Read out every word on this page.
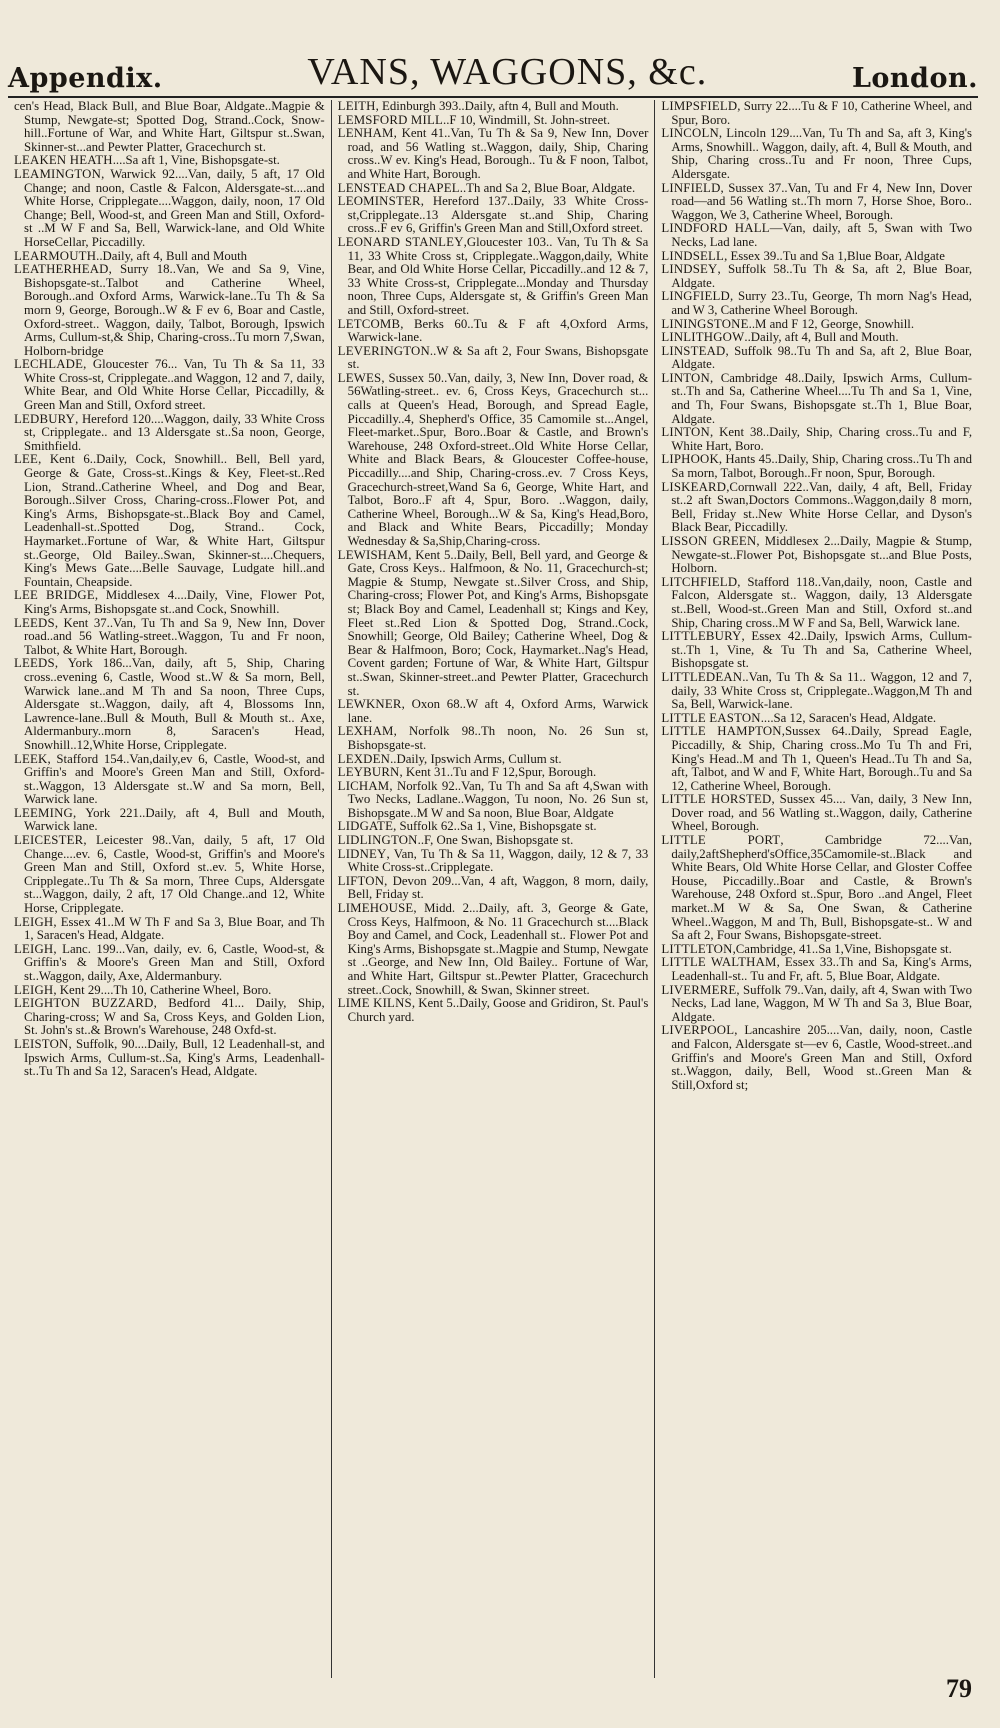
Appendix.	VANS, WAGGONS, &c.	London.

cen's Head, Black Bull, and Blue Boar, Aldgate..Magpie & Stump, Newgate-st; Spotted Dog, Strand..Cock, Snow-hill..Fortune of War, and White Hart, Giltspur st..Swan, Skinner-st...and Pewter Platter, Gracechurch st.

LEAKEN HEATH....Sa aft 1, Vine, Bishopsgate-st.

LEAMINGTON, Warwick 92....Van, daily, 5 aft, 17 Old Change; and noon, Castle & Falcon, Aldersgate-st....and White Horse, Cripplegate....Waggon, daily, noon, 17 Old Change; Bell, Wood-st, and Green Man and Still, Oxford-st ..M W F and Sa, Bell, Warwick-lane, and Old White HorseCellar, Piccadilly.

LEARMOUTH..Daily, aft 4, Bull and Mouth

LEATHERHEAD, Surry 18..Van, We and Sa 9, Vine, Bishopsgate-st..Talbot and Catherine Wheel, Borough..and Oxford Arms, Warwick-lane..Tu Th & Sa morn 9, George, Borough..W & F ev 6, Boar and Castle, Oxford-street.. Waggon, daily, Talbot, Borough, Ipswich Arms, Cullum-st,& Ship, Charing-cross..Tu morn 7,Swan, Holborn-bridge

LECHLADE, Gloucester 76... Van, Tu Th & Sa 11, 33 White Cross-st, Cripplegate..and Waggon, 12 and 7, daily, White Bear, and Old White Horse Cellar, Piccadilly, & Green Man and Still, Oxford street.

LEDBURY, Hereford 120....Waggon, daily, 33 White Cross st, Cripplegate.. and 13 Aldersgate st..Sa noon, George, Smithfield.

LEE, Kent 6..Daily, Cock, Snowhill.. Bell, Bell yard, George & Gate, Cross-st..Kings & Key, Fleet-st..Red Lion, Strand..Catherine Wheel, and Dog and Bear, Borough..Silver Cross, Charing-cross..Flower Pot, and King's Arms, Bishopsgate-st..Black Boy and Camel, Leadenhall-st..Spotted Dog, Strand.. Cock, Haymarket..Fortune of War, & White Hart, Giltspur st..George, Old Bailey..Swan, Skinner-st....Chequers, King's Mews Gate....Belle Sauvage, Ludgate hill..and Fountain, Cheapside.

LEE BRIDGE, Middlesex 4....Daily, Vine, Flower Pot, King's Arms, Bishopsgate st..and Cock, Snowhill.

LEEDS, Kent 37..Van, Tu Th and Sa 9, New Inn, Dover road..and 56 Watling-street..Waggon, Tu and Fr noon, Talbot, & White Hart, Borough.

LEEDS, York 186...Van, daily, aft 5, Ship, Charing cross..evening 6, Castle, Wood st..W & Sa morn, Bell, Warwick lane..and M Th and Sa noon, Three Cups, Aldersgate st..Waggon, daily, aft 4, Blossoms Inn, Lawrence-lane..Bull & Mouth, Bull & Mouth st.. Axe, Aldermanbury..morn 8, Saracen's Head, Snowhill..12,White Horse, Cripplegate.

LEEK, Stafford 154..Van,daily,ev 6, Castle, Wood-st, and Griffin's and Moore's Green Man and Still, Oxford-st..Waggon, 13 Aldersgate st..W and Sa morn, Bell, Warwick lane.

LEEMING, York 221..Daily, aft 4, Bull and Mouth, Warwick lane.

LEICESTER, Leicester 98..Van, daily, 5 aft, 17 Old Change....ev. 6, Castle, Wood-st, Griffin's and Moore's Green Man and Still, Oxford st..ev. 5, White Horse, Cripplegate..Tu Th & Sa morn, Three Cups, Aldersgate st...Waggon, daily, 2 aft, 17 Old Change..and 12, White Horse, Cripplegate.

LEIGH, Essex 41..M W Th F and Sa 3, Blue Boar, and Th 1, Saracen's Head, Aldgate.

LEIGH, Lanc. 199...Van, daily, ev. 6, Castle, Wood-st, & Griffin's & Moore's Green Man and Still, Oxford st..Waggon, daily, Axe, Aldermanbury.

LEIGH, Kent 29....Th 10, Catherine Wheel, Boro.

LEIGHTON BUZZARD, Bedford 41... Daily, Ship, Charing-cross; W and Sa, Cross Keys, and Golden Lion, St. John's st..& Brown's Warehouse, 248 Oxfd-st.

LEISTON, Suffolk, 90....Daily, Bull, 12 Leadenhall-st, and Ipswich Arms, Cullum-st..Sa, King's Arms, Leadenhall-st..Tu Th and Sa 12, Saracen's Head, Aldgate.

LEITH, Edinburgh 393..Daily, aftn 4, Bull and Mouth.

LEMSFORD MILL..F 10, Windmill, St. John-street.

LENHAM, Kent 41..Van, Tu Th & Sa 9, New Inn, Dover road, and 56 Watling st..Waggon, daily, Ship, Charing cross..W ev. King's Head, Borough.. Tu & F noon, Talbot, and White Hart, Borough.

LENSTEAD CHAPEL..Th and Sa 2, Blue Boar, Aldgate.

LEOMINSTER, Hereford 137..Daily, 33 White Cross-st,Cripplegate..13 Aldersgate st..and Ship, Charing cross..F ev 6, Griffin's Green Man and Still,Oxford street.

LEONARD STANLEY,Gloucester 103.. Van, Tu Th & Sa 11, 33 White Cross st, Cripplegate..Waggon,daily, White Bear, and Old White Horse Cellar, Piccadilly..and 12 & 7, 33 White Cross-st, Cripplegate...Monday and Thursday noon, Three Cups, Aldersgate st, & Griffin's Green Man and Still, Oxford-street.

LETCOMB, Berks 60..Tu & F aft 4,Oxford Arms, Warwick-lane.

LEVERINGTON..W & Sa aft 2, Four Swans, Bishopsgate st.

LEWES, Sussex 50..Van, daily, 3, New Inn, Dover road, & 56Watling-street.. ev. 6, Cross Keys, Gracechurch st... calls at Queen's Head, Borough, and Spread Eagle, Piccadilly..4, Shepherd's Office, 35 Camomile st...Angel, Fleet-market..Spur, Boro..Boar & Castle, and Brown's Warehouse, 248 Oxford-street..Old White Horse Cellar, White and Black Bears, & Gloucester Coffee-house, Piccadilly....and Ship, Charing-cross..ev. 7 Cross Keys, Gracechurch-street,Wand Sa 6, George, White Hart, and Talbot, Boro..F aft 4, Spur, Boro. ..Waggon, daily, Catherine Wheel, Borough...W & Sa, King's Head,Boro, and Black and White Bears, Piccadilly; Monday Wednesday & Sa,Ship,Charing-cross.

LEWISHAM, Kent 5..Daily, Bell, Bell yard, and George & Gate, Cross Keys.. Halfmoon, & No. 11, Gracechurch-st; Magpie & Stump, Newgate st..Silver Cross, and Ship, Charing-cross; Flower Pot, and King's Arms, Bishopsgate st; Black Boy and Camel, Leadenhall st; Kings and Key, Fleet st..Red Lion & Spotted Dog, Strand..Cock, Snowhill; George, Old Bailey; Catherine Wheel, Dog & Bear & Halfmoon, Boro; Cock, Haymarket..Nag's Head, Covent garden; Fortune of War, & White Hart, Giltspur st..Swan, Skinner-street..and Pewter Platter, Gracechurch st.

LEWKNER, Oxon 68..W aft 4, Oxford Arms, Warwick lane.

LEXHAM, Norfolk 98..Th noon, No. 26 Sun st, Bishopsgate-st.

LEXDEN..Daily, Ipswich Arms, Cullum st.

LEYBURN, Kent 31..Tu and F 12,Spur, Borough.

LICHAM, Norfolk 92..Van, Tu Th and Sa aft 4,Swan with Two Necks, Ladlane..Waggon, Tu noon, No. 26 Sun st, Bishopsgate..M W and Sa noon, Blue Boar, Aldgate

LIDGATE, Suffolk 62..Sa 1, Vine, Bishopsgate st.

LIDLINGTON..F, One Swan, Bishopsgate st.

LIDNEY, Van, Tu Th & Sa 11, Waggon, daily, 12 & 7, 33 White Cross-st..Cripplegate.

LIFTON, Devon 209...Van, 4 aft, Waggon, 8 morn, daily, Bell, Friday st.

LIMEHOUSE, Midd. 2...Daily, aft. 3, George & Gate, Cross Keys, Halfmoon, & No. 11 Gracechurch st....Black Boy and Camel, and Cock, Leadenhall st.. Flower Pot and King's Arms, Bishopsgate st..Magpie and Stump, Newgate st ..George, and New Inn, Old Bailey.. Fortune of War, and White Hart, Giltspur st..Pewter Platter, Gracechurch street..Cock, Snowhill, & Swan, Skinner street.

LIME KILNS, Kent 5..Daily, Goose and Gridiron, St. Paul's Church yard.

LIMPSFIELD, Surry 22....Tu & F 10, Catherine Wheel, and Spur, Boro.

LINCOLN, Lincoln 129....Van, Tu Th and Sa, aft 3, King's Arms, Snowhill.. Waggon, daily, aft. 4, Bull & Mouth, and Ship, Charing cross..Tu and Fr noon, Three Cups, Aldersgate.

LINFIELD, Sussex 37..Van, Tu and Fr 4, New Inn, Dover road—and 56 Watling st..Th morn 7, Horse Shoe, Boro.. Waggon, We 3, Catherine Wheel, Borough.

LINDFORD HALL—Van, daily, aft 5, Swan with Two Necks, Lad lane.

LINDSELL, Essex 39..Tu and Sa 1,Blue Boar, Aldgate

LINDSEY, Suffolk 58..Tu Th & Sa, aft 2, Blue Boar, Aldgate.

LINGFIELD, Surry 23..Tu, George, Th morn Nag's Head, and W 3, Catherine Wheel Borough.

LININGSTONE..M and F 12, George, Snowhill.

LINLITHGOW..Daily, aft 4, Bull and Mouth.

LINSTEAD, Suffolk 98..Tu Th and Sa, aft 2, Blue Boar, Aldgate.

LINTON, Cambridge 48..Daily, Ipswich Arms, Cullum-st..Th and Sa, Catherine Wheel....Tu Th and Sa 1, Vine, and Th, Four Swans, Bishopsgate st..Th 1, Blue Boar, Aldgate.

LINTON, Kent 38..Daily, Ship, Charing cross..Tu and F, White Hart, Boro.

LIPHOOK, Hants 45..Daily, Ship, Charing cross..Tu Th and Sa morn, Talbot, Borough..Fr noon, Spur, Borough.

LISKEARD,Cornwall 222..Van, daily, 4 aft, Bell, Friday st..2 aft Swan,Doctors Commons..Waggon,daily 8 morn, Bell, Friday st..New White Horse Cellar, and Dyson's Black Bear, Piccadilly.

LISSON GREEN, Middlesex 2...Daily, Magpie & Stump, Newgate-st..Flower Pot, Bishopsgate st...and Blue Posts, Holborn.

LITCHFIELD, Stafford 118..Van,daily, noon, Castle and Falcon, Aldersgate st.. Waggon, daily, 13 Aldersgate st..Bell, Wood-st..Green Man and Still, Oxford st..and Ship, Charing cross..M W F and Sa, Bell, Warwick lane.

LITTLEBURY, Essex 42..Daily, Ipswich Arms, Cullum-st..Th 1, Vine, & Tu Th and Sa, Catherine Wheel, Bishopsgate st.

LITTLEDEAN..Van, Tu Th & Sa 11.. Waggon, 12 and 7, daily, 33 White Cross st, Cripplegate..Waggon,M Th and Sa, Bell, Warwick-lane.

LITTLE EASTON....Sa 12, Saracen's Head, Aldgate.

LITTLE HAMPTON,Sussex 64..Daily, Spread Eagle, Piccadilly, & Ship, Charing cross..Mo Tu Th and Fri, King's Head..M and Th 1, Queen's Head..Tu Th and Sa, aft, Talbot, and W and F, White Hart, Borough..Tu and Sa 12, Catherine Wheel, Borough.

LITTLE HORSTED, Sussex 45.... Van, daily, 3 New Inn, Dover road, and 56 Watling st..Waggon, daily, Catherine Wheel, Borough.

LITTLE PORT, Cambridge 72....Van, daily,2aftShepherd'sOffice,35Camomile-st..Black and White Bears, Old White Horse Cellar, and Gloster Coffee House, Piccadilly..Boar and Castle, & Brown's Warehouse, 248 Oxford st..Spur, Boro ..and Angel, Fleet market..M W & Sa, One Swan, & Catherine Wheel..Waggon, M and Th, Bull, Bishopsgate-st.. W and Sa aft 2, Four Swans, Bishopsgate-street.

LITTLETON,Cambridge, 41..Sa 1,Vine, Bishopsgate st.

LITTLE WALTHAM, Essex 33..Th and Sa, King's Arms, Leadenhall-st.. Tu and Fr, aft. 5, Blue Boar, Aldgate.

LIVERMERE, Suffolk 79..Van, daily, aft 4, Swan with Two Necks, Lad lane, Waggon, M W Th and Sa 3, Blue Boar, Aldgate.

LIVERPOOL, Lancashire 205....Van, daily, noon, Castle and Falcon, Aldersgate st—ev 6, Castle, Wood-street..and Griffin's and Moore's Green Man and Still, Oxford st..Waggon, daily, Bell, Wood st..Green Man & Still,Oxford st;

79
